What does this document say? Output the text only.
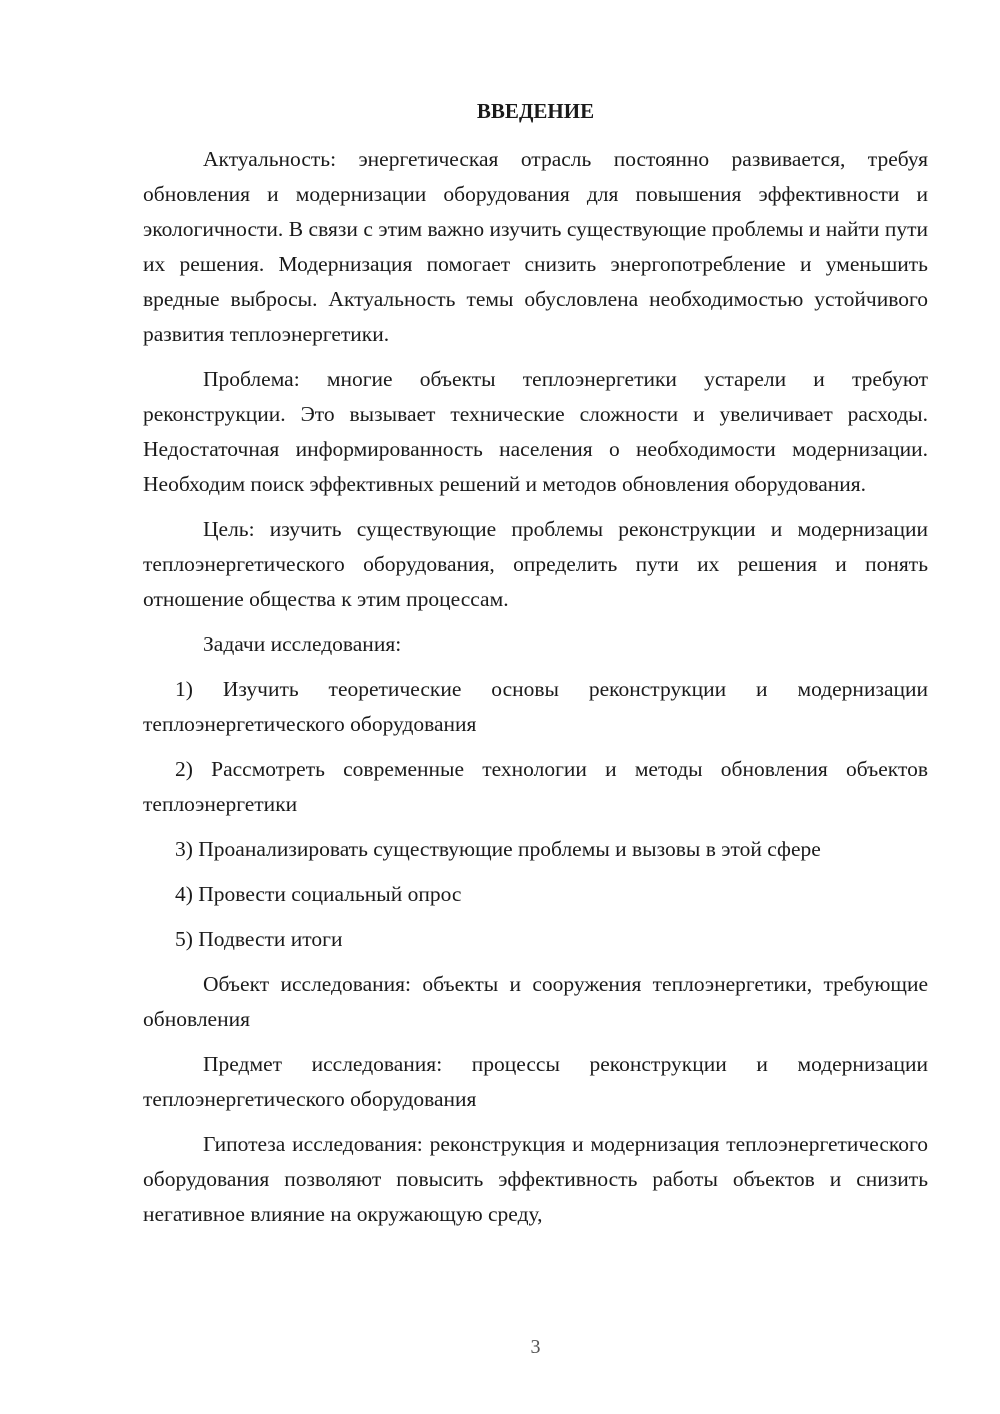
ВВЕДЕНИЕ

Актуальность: энергетическая отрасль постоянно развивается, требуя обновления и модернизации оборудования для повышения эффективности и экологичности. В связи с этим важно изучить существующие проблемы и найти пути их решения. Модернизация помогает снизить энергопотребление и уменьшить вредные выбросы. Актуальность темы обусловлена необходимостью устойчивого развития теплоэнергетики.

Проблема: многие объекты теплоэнергетики устарели и требуют реконструкции. Это вызывает технические сложности и увеличивает расходы. Недостаточная информированность населения о необходимости модернизации. Необходим поиск эффективных решений и методов обновления оборудования.

Цель: изучить существующие проблемы реконструкции и модернизации теплоэнергетического оборудования, определить пути их решения и понять отношение общества к этим процессам.

Задачи исследования:

1) Изучить теоретические основы реконструкции и модернизации теплоэнергетического оборудования

2) Рассмотреть современные технологии и методы обновления объектов теплоэнергетики

3) Проанализировать существующие проблемы и вызовы в этой сфере

4) Провести социальный опрос

5) Подвести итоги

Объект исследования: объекты и сооружения теплоэнергетики, требующие обновления

Предмет исследования: процессы реконструкции и модернизации теплоэнергетического оборудования

Гипотеза исследования: реконструкция и модернизация теплоэнергетического оборудования позволяют повысить эффективность работы объектов и снизить негативное влияние на окружающую среду,

3
